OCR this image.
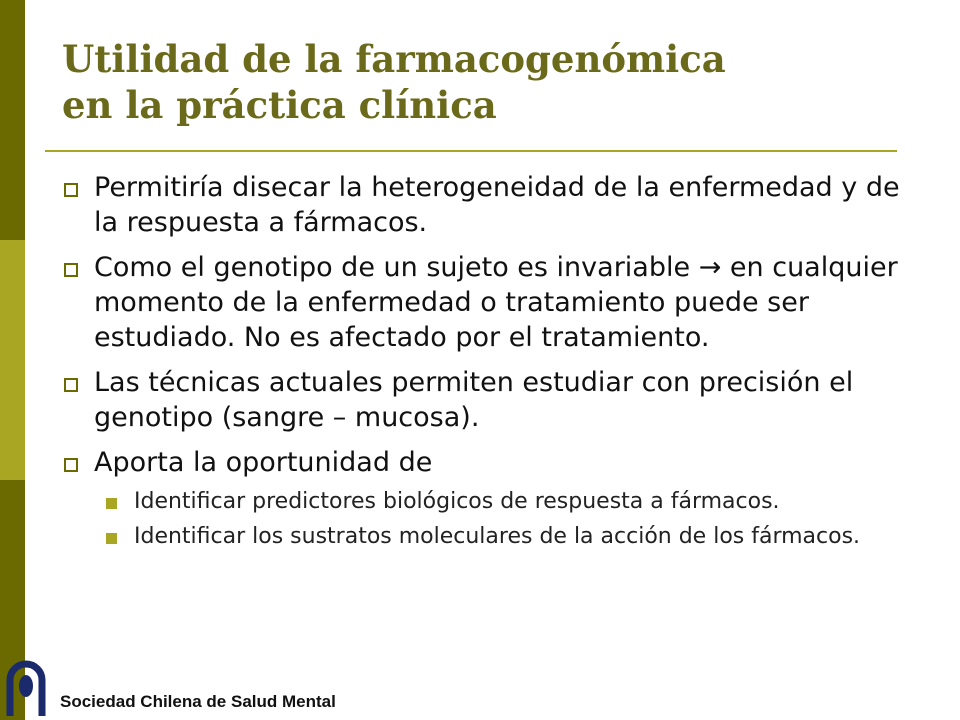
Utilidad de la farmacogenómica
en la práctica clínica
Permitiría disecar la heterogeneidad de la enfermedad y de la respuesta a fármacos.
Como el genotipo de un sujeto es invariable → en cualquier momento de la enfermedad o tratamiento puede ser estudiado. No es afectado por el tratamiento.
Las técnicas actuales permiten estudiar con precisión el genotipo (sangre – mucosa).
Aporta la oportunidad de
Identificar predictores biológicos de respuesta a fármacos.
Identificar los sustratos moleculares de la acción de los fármacos.
Sociedad Chilena de Salud Mental
